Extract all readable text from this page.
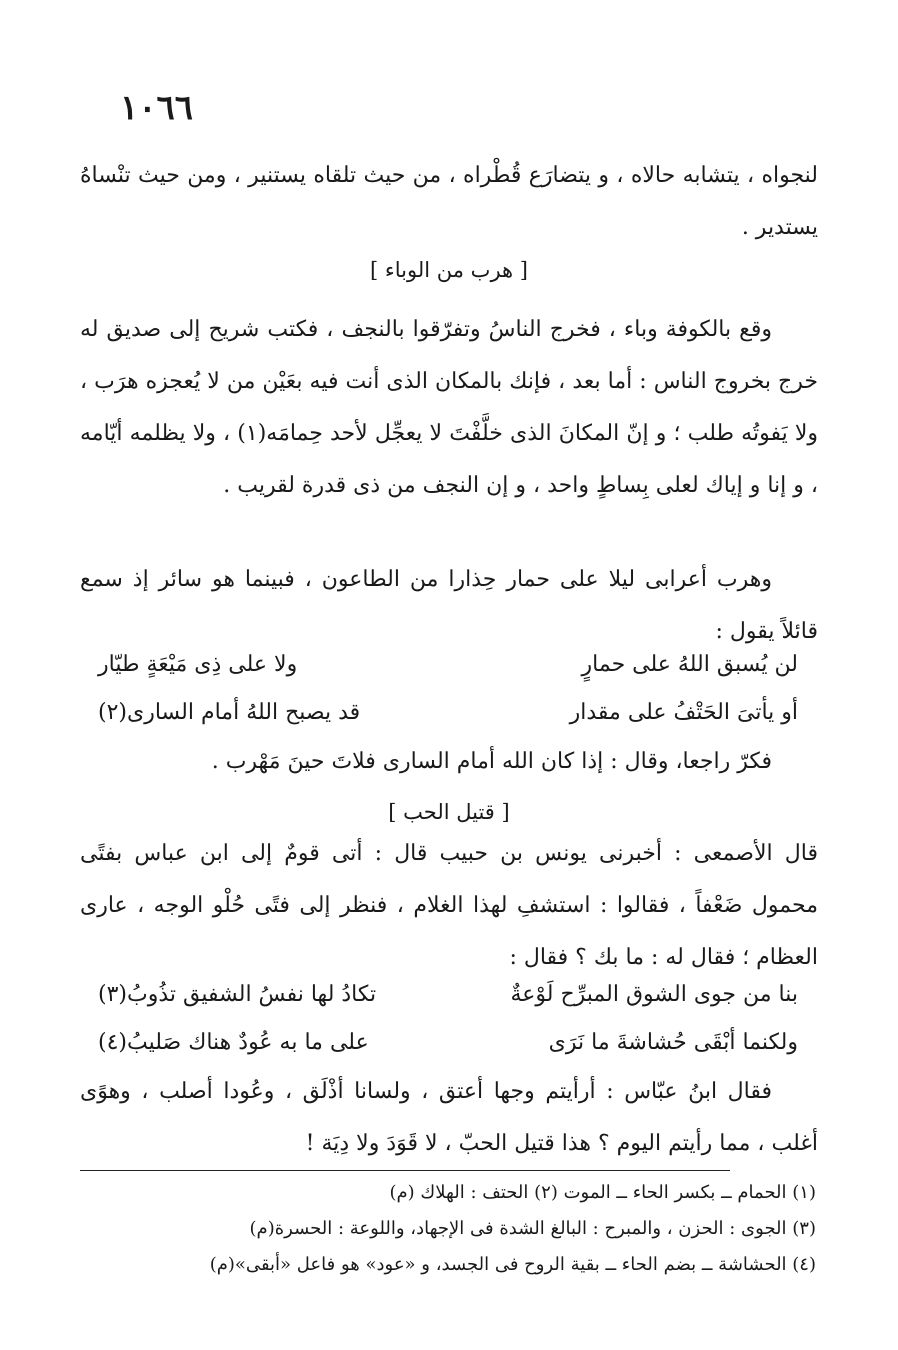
١٠٦٦

لنجواه ، يتشابه حالاه ، و يتضارَع قُطْراه ، من حيث تلقاه يستنير ، ومن حيث تنْساهُ يستدير .

[ هرب من الوباء ]

وقع بالكوفة وباء ، فخرج الناسُ وتفرّقوا بالنجف ، فكتب شريح إلى صديق له خرج بخروج الناس : أما بعد ، فإنك بالمكان الذى أنت فيه بعَيْن من لا يُعجزه هرَب ، ولا يَفوتُه طلب ؛ و إنّ المكانَ الذى خلَّفْتَ لا يعجِّل لأحد حِمامَه(١) ، ولا يظلمه أيّامه ، و إنا و إياك لعلى بِساطٍ واحد ، و إن النجف من ذى قدرة لقريب .

وهرب أعرابى ليلا على حمار حِذارا من الطاعون ، فبينما هو سائر إذ سمع قائلاً يقول :

لن يُسبق اللهُ على حمارٍ
ولا على ذِى مَيْعَةٍ طيّار
أو يأتىَ الحَتْفُ على مقدار
قد يصبح اللهُ أمام السارى(٢)

فكرّ راجعا، وقال : إذا كان الله أمام السارى فلاتَ حينَ مَهْرب .

[ قتيل الحب ]

قال الأصمعى : أخبرنى يونس بن حبيب قال : أتى قومٌ إلى ابن عباس بفتًى محمول ضَعْفاً ، فقالوا : استشفِ لهذا الغلام ، فنظر إلى فتًى حُلْو الوجه ، عارى العظام ؛ فقال له : ما بك ؟ فقال :

بنا من جوى الشوق المبرِّح لَوْعةٌ
تكادُ لها نفسُ الشفيق تذُوبُ(٣)
ولكنما أبْقَى حُشاشةَ ما نَرَى
على ما به عُودٌ هناك صَليبُ(٤)

فقال ابنُ عبّاس : أرأيتم وجها أعتق ، ولسانا أذْلَق ، وعُودا أصلب ، وهوًى أغلب ، مما رأيتم اليوم ؟ هذا قتيل الحبّ ، لا قَوَدَ ولا دِيَة !

(١) الحمام ــ بكسر الحاء ــ الموت (٢) الحتف : الهلاك (م)
(٣) الجوى : الحزن ، والمبرح : البالغ الشدة فى الإجهاد، واللوعة : الحسرة(م)
(٤) الحشاشة ــ بضم الحاء ــ بقية الروح فى الجسد، و «عود» هو فاعل «أبقى»(م)
